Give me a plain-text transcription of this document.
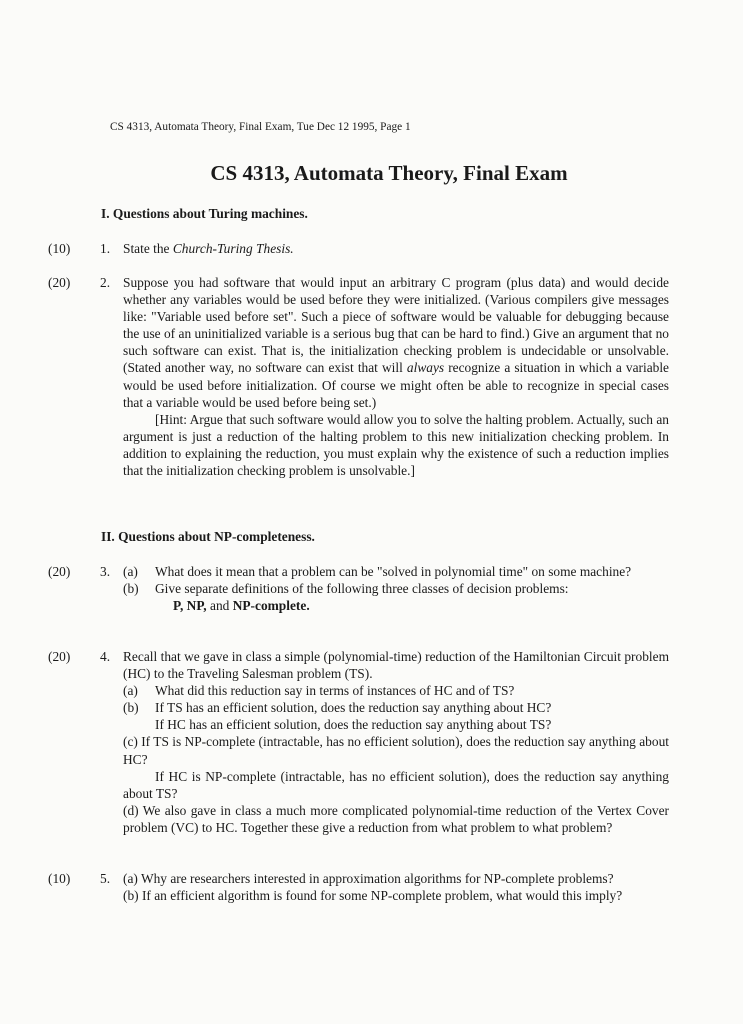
CS 4313, Automata Theory, Final Exam, Tue Dec 12 1995, Page 1
CS 4313, Automata Theory, Final Exam
I. Questions about Turing machines.
(10) 1. State the Church-Turing Thesis.
(20) 2. Suppose you had software that would input an arbitrary C program (plus data) and would decide whether any variables would be used before they were initialized. (Various compilers give messages like: "Variable used before set". Such a piece of software would be valuable for debugging because the use of an uninitialized variable is a serious bug that can be hard to find.) Give an argument that no such software can exist. That is, the initialization checking problem is undecidable or unsolvable. (Stated another way, no software can exist that will always recognize a situation in which a variable would be used before initialization. Of course we might often be able to recognize in special cases that a variable would be used before being set.)

[Hint: Argue that such software would allow you to solve the halting problem. Actually, such an argument is just a reduction of the halting problem to this new initialization checking problem. In addition to explaining the reduction, you must explain why the existence of such a reduction implies that the initialization checking problem is unsolvable.]

II. Questions about NP-completeness.
(20) 3. (a)	What does it mean that a problem can be "solved in polynomial time" on some machine?
(b)	Give separate definitions of the following three classes of decision problems:
P, NP, and NP-complete.
(20) 4. Recall that we gave in class a simple (polynomial-time) reduction of the Hamiltonian Circuit problem (HC) to the Traveling Salesman problem (TS).

(a)	What did this reduction say in terms of instances of HC and of TS?
(b)	If TS has an efficient solution, does the reduction say anything about HC?
If HC has an efficient solution, does the reduction say anything about TS?

(c) If TS is NP-complete (intractable, has no efficient solution), does the reduction say anything about HC?

If HC is NP-complete (intractable, has no efficient solution), does the reduction say anything about TS?

(d) We also gave in class a much more complicated polynomial-time reduction of the Vertex Cover problem (VC) to HC. Together these give a reduction from what problem to what problem?

(10) 5. (a) Why are researchers interested in approximation algorithms for NP-complete problems?

(b) If an efficient algorithm is found for some NP-complete problem, what would this imply?
